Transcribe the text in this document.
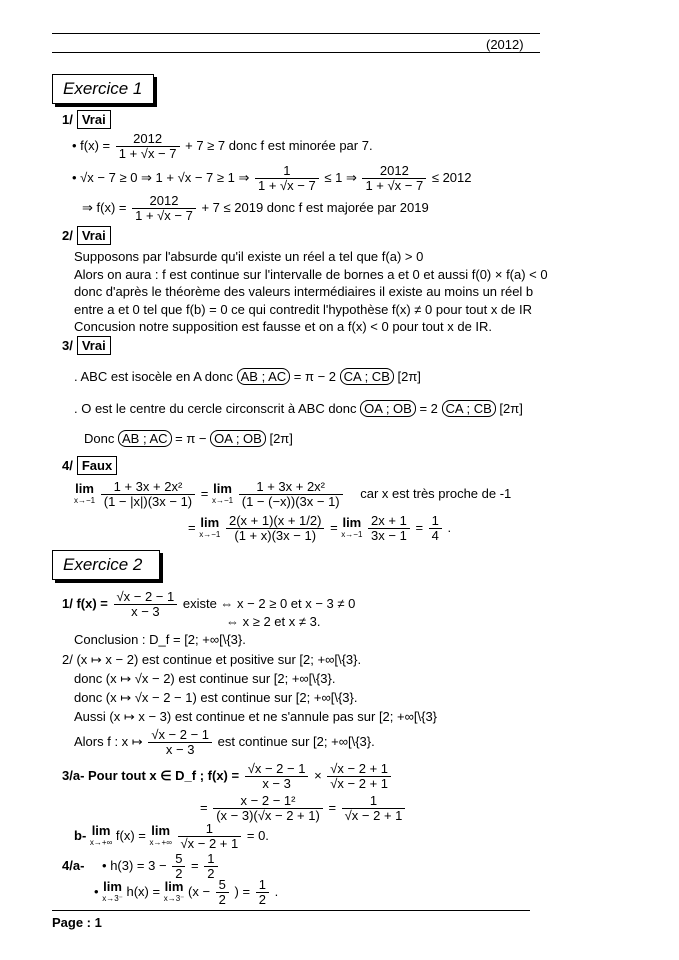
(2012)
Exercice 1
1/ Vrai
• $f(x) = \frac{2012}{1 + √x - 7} + 7 \ge 7$ donc f est minorée par 7.
• √x − 7 ≥ 0 ⇒ 1 + √x − 7 ≥ 1 ⇒ $\frac{1}{1 + √x - 7} \le 1$ ⇒ $\frac{2012}{1 + √x - 7} \le 2012$
⇒ $f(x) = \frac{2012}{1 + √x - 7} + 7 \le 2019$ donc f est majorée par 2019
2/ Vrai
Supposons par l'absurde qu'il existe un réel a tel que f(a) > 0
Alors on aura : f est continue sur l'intervalle de bornes a et 0 et aussi f(0) × f(a) < 0
donc d'après le théorème des valeurs intermédiaires il existe au moins un réel b
entre a et 0 tel que f(b) = 0 ce qui contredit l'hypothèse f(x) ≠ 0 pour tout x de IR
Concusion notre supposition est fausse et on a f(x) < 0 pour tout x de IR.
3/ Vrai
. ABC est isocèle en A donc AB ; AC = π − 2 CA ; CB [2π]
. O est le centre du cercle circonscrit à ABC donc OA ; OB = 2 CA ; CB [2π]
Donc AB ; AC = π − OA ; OB [2π]
4/ Faux
lim
x→−1
$\frac{\text{1 + 3x + 2x²}}{(1 - |x|)(3x - 1)} = \lim$
x→−1
$\frac{\text{1 + 3x + 2x²}}{(1 - (-x))(3x - 1)}$ car x est très proche de -1
= lim
x→−1
$\frac{2(x + 1)(x + 1/2)}{(1 + x)(3x - 1)} = \lim$
x→−1
$\frac{2x + 1}{3x - 1} = \frac{1}{4}$ .
Exercice 2
1/ $f(x) = \frac{√x - 2 - 1}{x - 3}$ existe ⇔ x − 2 ≥ 0 et x − 3 ≠ 0
⇔ x ≥ 2 et x ≠ 3.
Conclusion : D_f = [2; +∞[\{3}.
2/ (x ↦ x − 2) est continue et positive sur [2; +∞[\{3}.
donc (x ↦ √x − 2) est continue sur [2; +∞[\{3}.
donc (x ↦ √x − 2 − 1) est continue sur [2; +∞[\{3}.
Aussi (x ↦ x − 3) est continue et ne s'annule pas sur [2; +∞[\{3}
Alors f : x ↦ $\frac{√x - 2 - 1}{x - 3}$ est continue sur [2; +∞[\{3}.
3/a- Pour tout x ∈ D_f ; $f(x) = \frac{√x - 2 - 1}{x - 3} \times \frac{√x - 2 + 1}{√x - 2 + 1}$
= $\frac{\text{x − 2 − 1²}}{(x - 3)(√x - 2 + 1)} = \frac{1}{√x - 2 + 1}$
b- lim
x→+∞ f(x) = lim
x→+∞
$\frac{1}{√x - 2 + 1} = 0$.
4/a- • $h(3) = 3 - \frac{5}{2} = \frac{1}{2}$
• lim
x→3⁻ h(x) = lim
x→3⁻ ($x - \frac{5}{2}$ ) = $\frac{1}{2}$ .
Page : 1
